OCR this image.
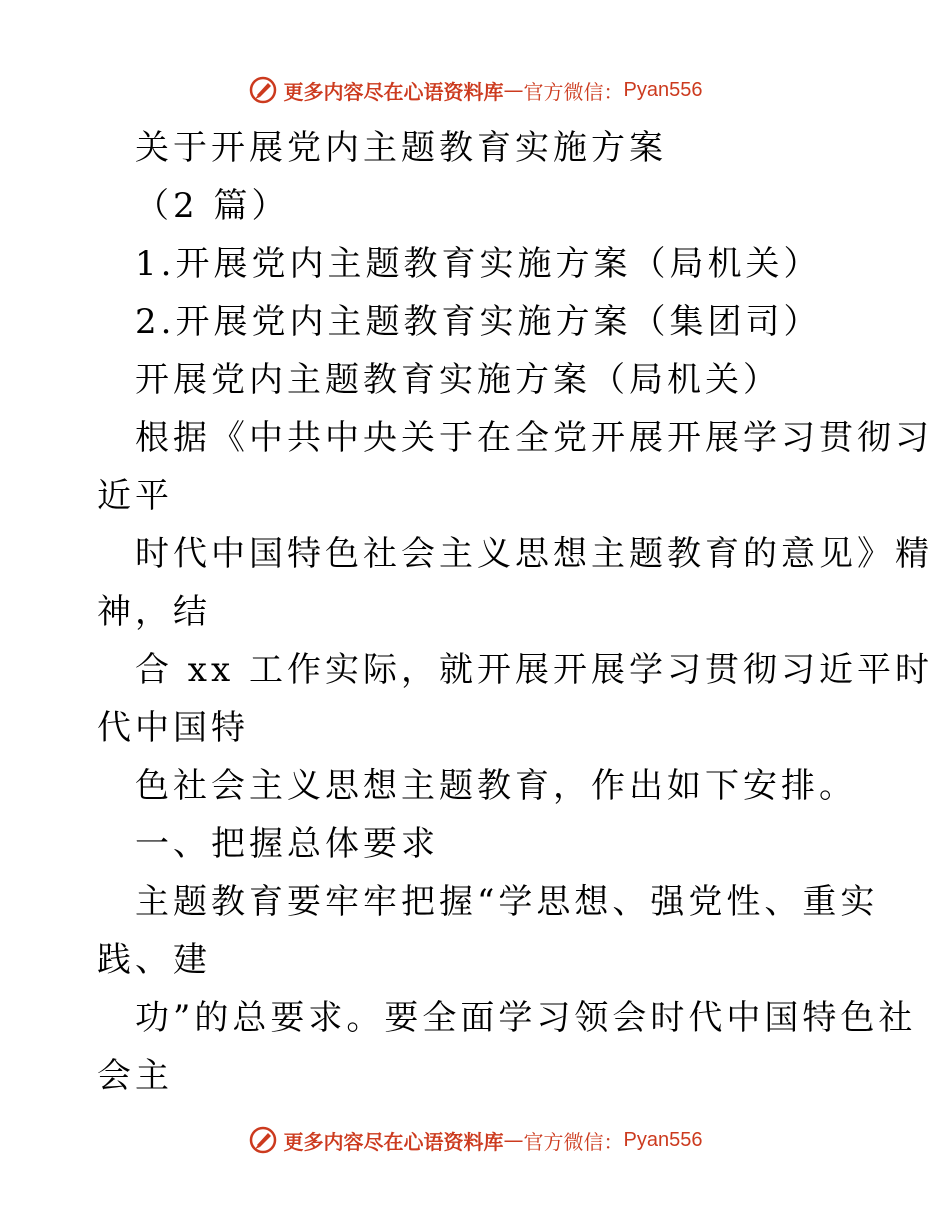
更多内容尽在心语资料库 — 官方微信： Pyan556
关于开展党内主题教育实施方案
（2 篇）
1.开展党内主题教育实施方案（局机关）
2.开展党内主题教育实施方案（集团司）
开展党内主题教育实施方案（局机关）
根据《中共中央关于在全党开展开展学习贯彻习
近平
时代中国特色社会主义思想主题教育的意见》精
神，结
合 xx 工作实际，就开展开展学习贯彻习近平时
代中国特
色社会主义思想主题教育，作出如下安排。
一、把握总体要求
主题教育要牢牢把握“学思想、强党性、重实
践、建
功”的总要求。要全面学习领会时代中国特色社
会主
更多内容尽在心语资料库 — 官方微信： Pyan556
